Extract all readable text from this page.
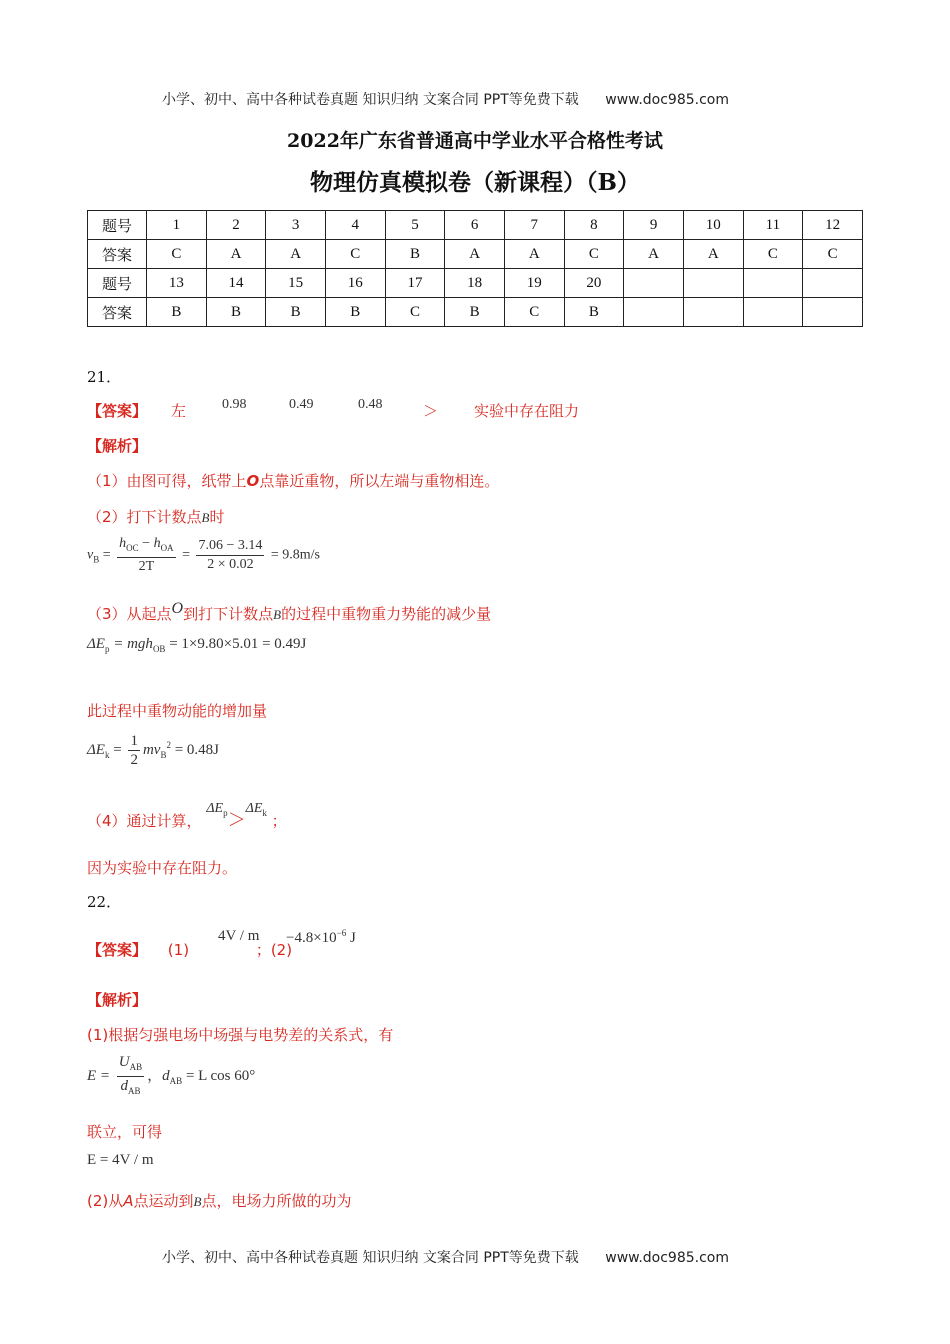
小学、初中、高中各种试卷真题 知识归纳 文案合同 PPT等免费下载 www.doc985.com
2022年广东省普通高中学业水平合格性考试
物理仿真模拟卷（新课程）（B）
题号	1	2	3	4	5	6	7	8	9	10	11	12
答案	C	A	A	C	B	A	A	C	A	A	C	C
题号	13	14	15	16	17	18	19	20				
答案	B	B	B	B	C	B	C	B				
21．
【答案】 左	0.98	0.49	0.48	＞ 实验中存在阻力
【解析】
（1）由图可得，纸带上O点靠近重物，所以左端与重物相连。
（2）打下计数点B时
$v_B = \frac{h_{OC} - h_{OA}}{2T} = \frac{7.06 - 3.14}{2 \times 0.02} = 9.8m/s$
（3）从起点O到打下计数点B的过程中重物重力势能的减少量
$\Delta E_p = mgh_{OB} = 1\times 9.80\times 5.01 = 0.49J$
此过程中重物动能的增加量
$\Delta E_k = \frac{1}{2} mv_B^2 = 0.48J$
（4）通过计算， $\Delta E_p>\Delta E_k$ ；
因为实验中存在阻力。
22．
【答案】 (1)
4V / m
；(2)
$-4.8\times 10^{-6}$ J
【解析】
(1)根据匀强电场中场强与电势差的关系式，有
$E = \frac{U_{AB}}{d_{AB}}$ ，$d_{AB} = L$ cos 60°
联立，可得
E = 4V / m
(2)从A点运动到B点，电场力所做的功为
小学、初中、高中各种试卷真题 知识归纳 文案合同 PPT等免费下载 www.doc985.com
